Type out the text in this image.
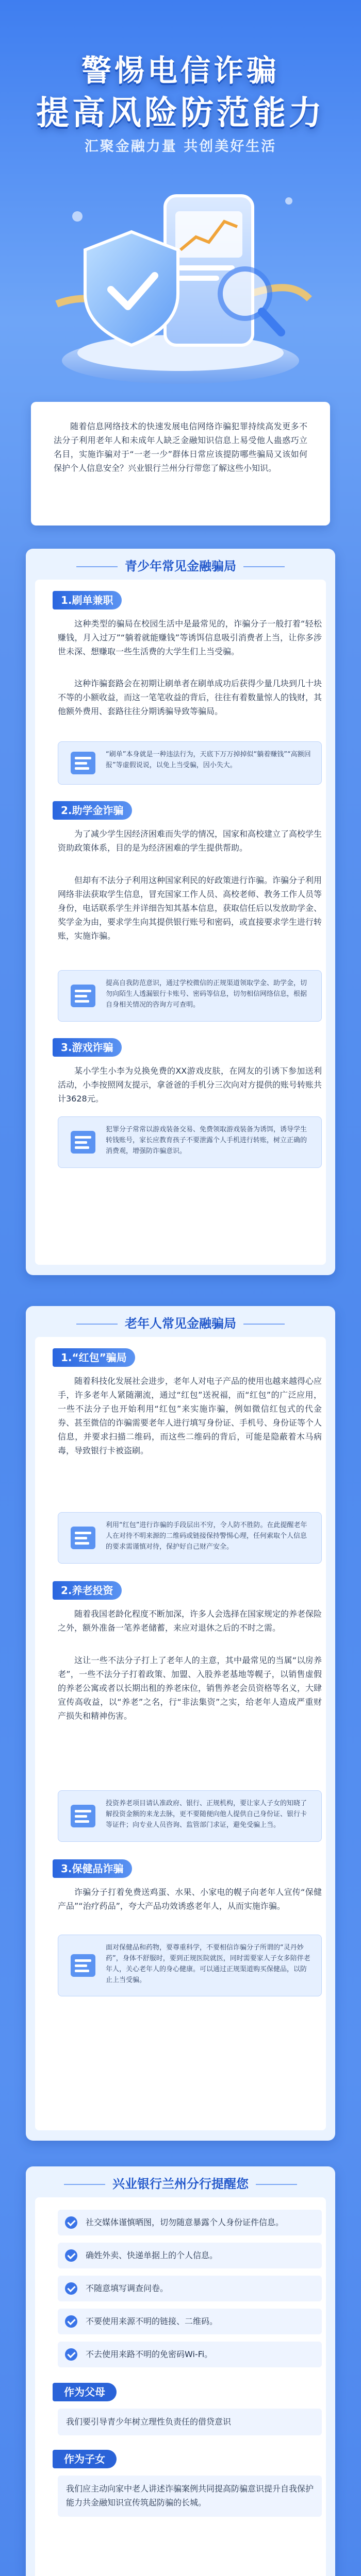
警惕电信诈骗
提高风险防范能力
汇聚金融力量 共创美好生活

随着信息网络技术的快速发展电信网络诈骗犯罪持续高发更多不法分子利用老年人和未成年人缺乏金融知识信息上易受他人蛊惑巧立名目，实施诈骗对于“一老一少”群体日常应该提防哪些骗局又该如何保护个人信息安全？兴业银行兰州分行带您了解这些小知识。

青少年常见金融骗局
1.刷单兼职

这种类型的骗局在校园生活中是最常见的，诈骗分子一般打着“轻松赚钱，月入过万”“躺着就能赚钱”等诱饵信息吸引消费者上当，让你多涉世未深、想赚取一些生活费的大学生们上当受骗。

这种诈骗套路会在初期让刷单者在刷单成功后获得少量几块到几十块不等的小额收益，而这一笔笔收益的背后，往往有着数量惊人的钱财，其他额外费用、套路往往分期诱骗导致等骗局。

“刷单”本身就是一种违法行为，天底下万万掉掉似“躺着赚钱”“高额回报”等虚假说说，以免上当受骗，因小失大。
2.助学金诈骗

为了减少学生因经济困难而失学的情况，国家和高校建立了高校学生资助政策体系，目的是为经济困难的学生提供帮助。

但却有不法分子利用这种国家利民的好政策进行诈骗。诈骗分子利用网络非法获取学生信息，冒充国家工作人员、高校老师、教务工作人员等身份，电话联系学生并详细告知其基本信息，获取信任后以发放助学金、奖学金为由，要求学生向其提供银行账号和密码，或直接要求学生进行转账，实施诈骗。

提高自我防范意识，通过学校微信的正规渠道领取学金、助学金，切勿向陌生人透漏银行卡账号、密码等信息，切勿相信网络信息，根据自身相关情况的咨询方可查明。
3.游戏诈骗

某小学生小李为兑换免费的XX游戏皮肤，在网友的引诱下参加送利活动，小李按照网友提示，拿爸爸的手机分三次向对方提供的账号转账共计3628元。

犯罪分子常常以游戏装备交易、免费领取游戏装备为诱饵，诱导学生转钱账号，家长应教育孩子不要泄露个人手机进行转账，树立正确的消费观，增强防诈骗意识。
老年人常见金融骗局
1.“红包”骗局

随着科技化发展社会进步，老年人对电子产品的使用也越来越得心应手，许多老年人紧随潮流，通过“红包”送祝福，而“红包”的广泛应用，一些不法分子也开始利用“红包”来实施诈骗，例如微信红包式的代金券、甚至微信的诈骗需要老年人进行填写身份证、手机号、身份证等个人信息，并要求扫描二维码，而这些二维码的背后，可能是隐蔽着木马病毒，导致银行卡被盗刷。

利用“红包”进行诈骗的手段层出不穷，令人防不胜防。在此提醒老年人在对待不明来源的二维码或链接保持警惕心理，任何索取个人信息的要求需谨慎对待，保护好自己财产安全。
2.养老投资

随着我国老龄化程度不断加深，许多人会选择在国家规定的养老保险之外，额外准备一笔养老储蓄，来应对退休之后的不时之需。

这让一些不法分子打上了老年人的主意，其中最常见的当属“以房养老”，一些不法分子打着政策、加盟、入股养老基地等幌子，以销售虚假的养老公寓或者以长期出租的养老床位，销售养老会员资格等名义，大肆宣传高收益，以“养老”之名，行“非法集资”之实，给老年人造成严重财产损失和精神伤害。

投资养老项目请认准政府、银行、正规机构，要让家人子女的知晓了解投资金额的来龙去脉，更不要随便向他人提供自己身份证、银行卡等证件；向专业人员咨询、监管部门求证，避免受骗上当。
3.保健品诈骗

诈骗分子打着免费送鸡蛋、水果、小家电的幌子向老年人宣传“保健产品”“治疗药品”，夸大产品功效诱惑老年人，从而实施诈骗。

面对保健品和药物，要尊重科学，不要相信诈骗分子所谓的“灵丹妙药”，身体不舒服时，要到正规医院就医，同时需要家人子女多陪伴老年人，关心老年人的身心健康。可以通过正规渠道购买保健品，以防止上当受骗。
兴业银行兰州分行提醒您
社交媒体谨慎晒图，切勿随意暴露个人身份证件信息。
确姓外卖、快递单据上的个人信息。
不随意填写调查问卷。
不要使用来源不明的链接、二维码。
不去使用来路不明的免密码Wi-Fi。
作为父母
我们要引导青少年树立理性负责任的借贷意识
作为子女
我们应主动向家中老人讲述诈骗案例共同提高防骗意识提升自我保护能力共金融知识宣传筑起防骗的长城。
